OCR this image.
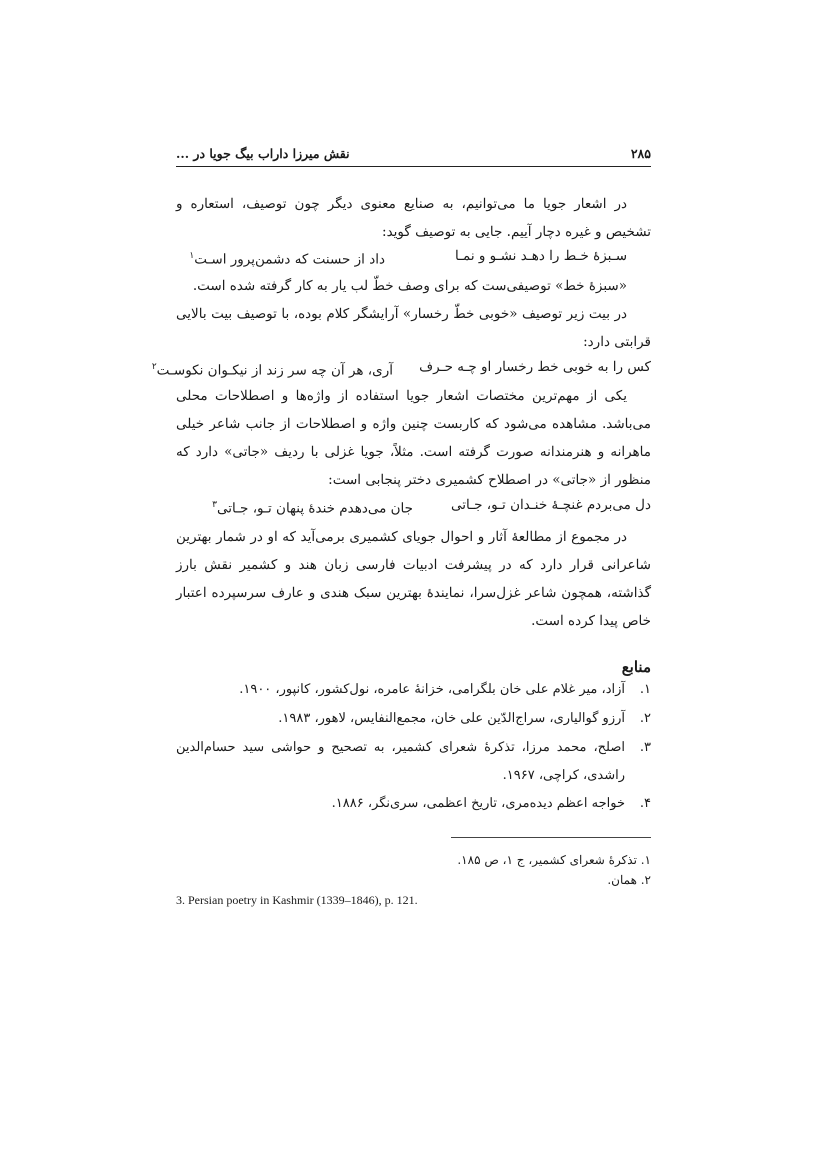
۲۸۵
نقش میرزا داراب بیگ جویا در ...
در اشعار جویا ما می‌توانیم، به صنایع معنوی دیگر چون توصیف، استعاره و تشخیص و غیره دچار آییم. جایی به توصیف گوید:
سـبزهٔ خـط را دهـد نشـو و نمـا
داد از حسنت که دشمن‌پرور اسـت$^۱$
«سبزهٔ خط» توصیفی‌ست که برای وصف خطّ لب یار به کار گرفته شده است.
در بیت زیر توصیف «خوبی خطّ رخسار» آرایشگر کلام بوده، با توصیف بیت بالایی قرابتی دارد:
کس را به خوبی خط رخسار او چـه حـرف
آری، هر آن چه سر زند از نیکـوان نکوسـت$^۲$
یکی از مهم‌ترین مختصات اشعار جویا استفاده از واژه‌ها و اصطلاحات محلی می‌باشد. مشاهده می‌شود که کاربست چنین واژه و اصطلاحات از جانب شاعر خیلی ماهرانه و هنرمندانه صورت گرفته است. مثلاً، جویا غزلی با ردیف «جاتی» دارد که منظور از «جاتی» در اصطلاح کشمیری دختر پنجابی است:
دل می‌بردم غنچـهٔ خنـدان تـو، جـاتی
جان می‌دهدم خندهٔ پنهان تـو، جـاتی$^۳$
در مجموع از مطالعهٔ آثار و احوال جویای کشمیری برمی‌آید که او در شمار بهترین شاعرانی قرار دارد که در پیشرفت ادبیات فارسی زبان هند و کشمیر نقش بارز گذاشته، همچون شاعر غزل‌سرا، نمایندهٔ بهترین سبک هندی و عارف سرسپرده اعتبار خاص پیدا کرده است.
منابع
۱.
آزاد، میر غلام علی خان بلگرامی، خزانهٔ عامره، نول‌کشور، کانپور، ۱۹۰۰.
۲.
آرزو گوالیاری، سراج‌الدّین علی خان، مجمع‌النفایس، لاهور، ۱۹۸۳.
۳.
اصلح، محمد مرزا، تذکرهٔ شعرای کشمیر، به تصحیح و حواشی سید حسام‌الدین راشدی، کراچی، ۱۹۶۷.
۴.
خواجه اعظم دیده‌مری، تاریخ اعظمی، سری‌نگر، ۱۸۸۶.
۱. تذکرهٔ شعرای کشمیر، ج ۱، ص ۱۸۵.
۲. همان.
3. Persian poetry in Kashmir (1339–1846), p. 121.
